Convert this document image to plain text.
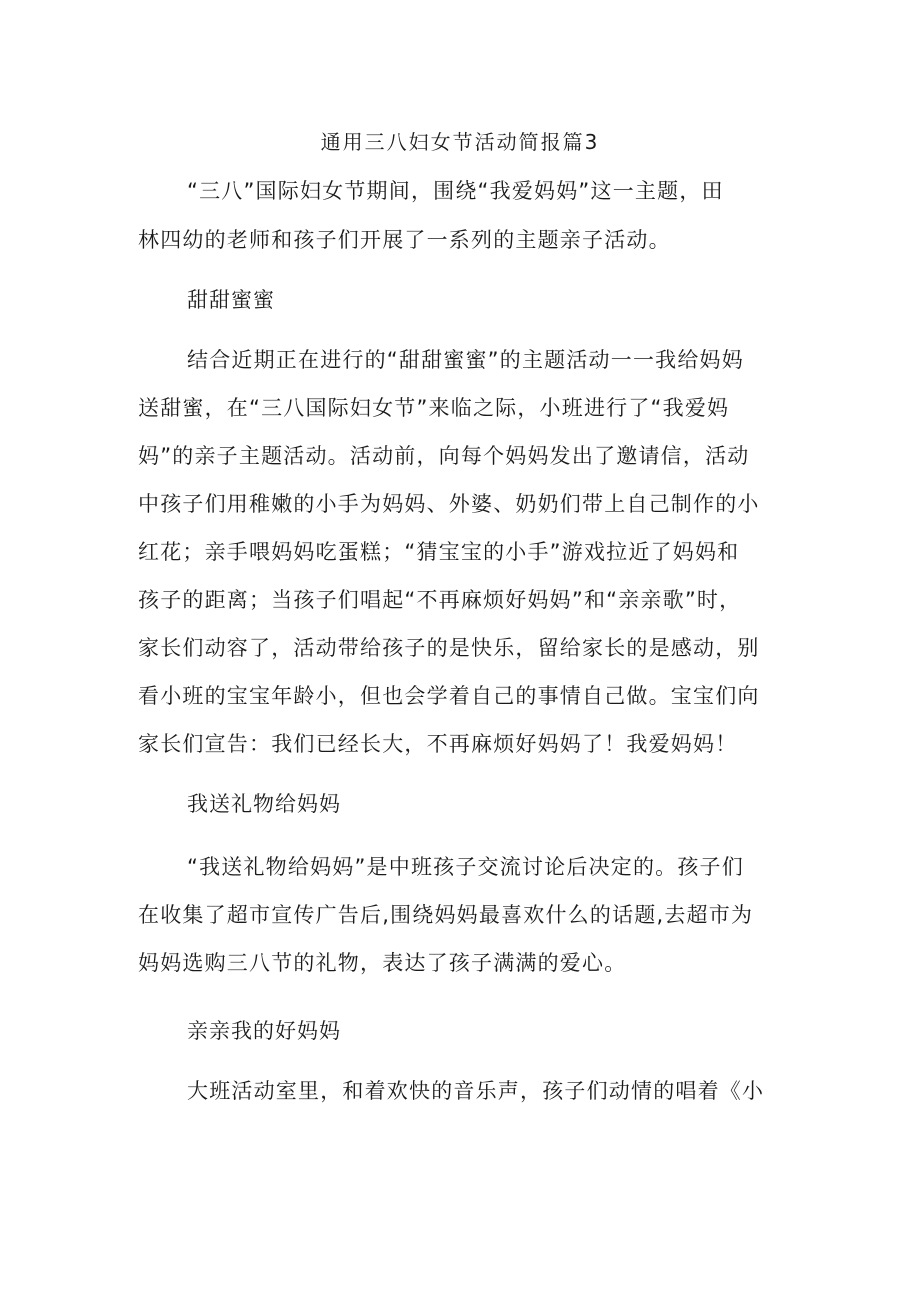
通用三八妇女节活动简报篇3
“三八”国际妇女节期间，围绕“我爱妈妈”这一主题，田
林四幼的老师和孩子们开展了一系列的主题亲子活动。
甜甜蜜蜜
结合近期正在进行的“甜甜蜜蜜”的主题活动一一我给妈妈
送甜蜜，在“三八国际妇女节”来临之际，小班进行了“我爱妈
妈”的亲子主题活动。活动前，向每个妈妈发出了邀请信，活动
中孩子们用稚嫩的小手为妈妈、外婆、奶奶们带上自己制作的小
红花；亲手喂妈妈吃蛋糕；“猜宝宝的小手”游戏拉近了妈妈和
孩子的距离；当孩子们唱起“不再麻烦好妈妈”和“亲亲歌”时，
家长们动容了，活动带给孩子的是快乐，留给家长的是感动，别
看小班的宝宝年龄小，但也会学着自己的事情自己做。宝宝们向
家长们宣告：我们已经长大，不再麻烦好妈妈了！我爱妈妈！
我送礼物给妈妈
“我送礼物给妈妈”是中班孩子交流讨论后决定的。孩子们
在收集了超市宣传广告后,围绕妈妈最喜欢什么的话题,去超市为
妈妈选购三八节的礼物，表达了孩子满满的爱心。
亲亲我的好妈妈
大班活动室里，和着欢快的音乐声，孩子们动情的唱着《小
